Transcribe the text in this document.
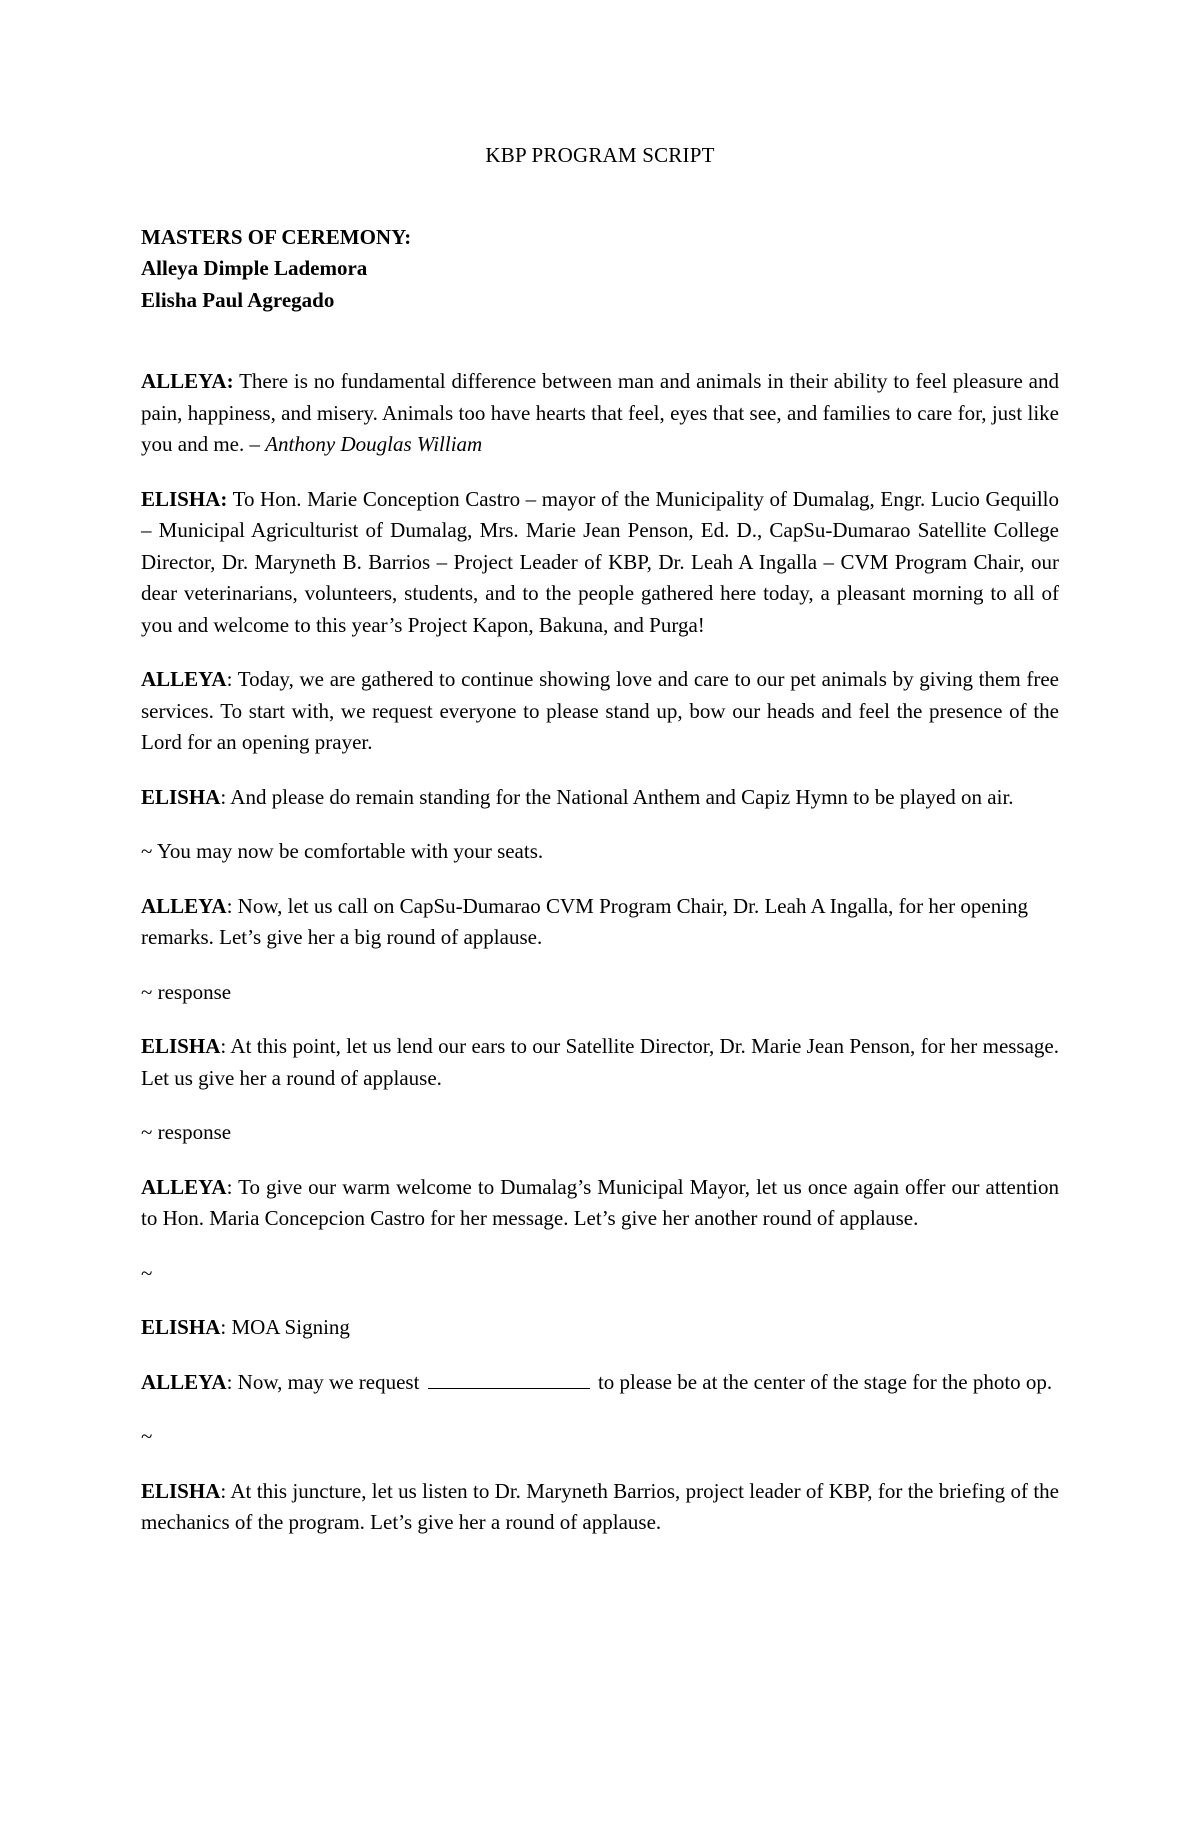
KBP PROGRAM SCRIPT
MASTERS OF CEREMONY:
Alleya Dimple Lademora
Elisha Paul Agregado

ALLEYA: There is no fundamental difference between man and animals in their ability to feel pleasure and pain, happiness, and misery. Animals too have hearts that feel, eyes that see, and families to care for, just like you and me. – Anthony Douglas William

ELISHA: To Hon. Marie Conception Castro – mayor of the Municipality of Dumalag, Engr. Lucio Gequillo – Municipal Agriculturist of Dumalag, Mrs. Marie Jean Penson, Ed. D., CapSu-Dumarao Satellite College Director, Dr. Maryneth B. Barrios – Project Leader of KBP, Dr. Leah A Ingalla – CVM Program Chair, our dear veterinarians, volunteers, students, and to the people gathered here today, a pleasant morning to all of you and welcome to this year’s Project Kapon, Bakuna, and Purga!

ALLEYA: Today, we are gathered to continue showing love and care to our pet animals by giving them free services. To start with, we request everyone to please stand up, bow our heads and feel the presence of the Lord for an opening prayer.

ELISHA: And please do remain standing for the National Anthem and Capiz Hymn to be played on air.

~ You may now be comfortable with your seats.

ALLEYA: Now, let us call on CapSu-Dumarao CVM Program Chair, Dr. Leah A Ingalla, for her opening remarks. Let’s give her a big round of applause.

~ response

ELISHA: At this point, let us lend our ears to our Satellite Director, Dr. Marie Jean Penson, for her message. Let us give her a round of applause.

~ response

ALLEYA: To give our warm welcome to Dumalag’s Municipal Mayor, let us once again offer our attention to Hon. Maria Concepcion Castro for her message. Let’s give her another round of applause.

~

ELISHA: MOA Signing

ALLEYA: Now, may we request	to please be at the center of the stage for the photo op.

~

ELISHA: At this juncture, let us listen to Dr. Maryneth Barrios, project leader of KBP, for the briefing of the mechanics of the program. Let’s give her a round of applause.
